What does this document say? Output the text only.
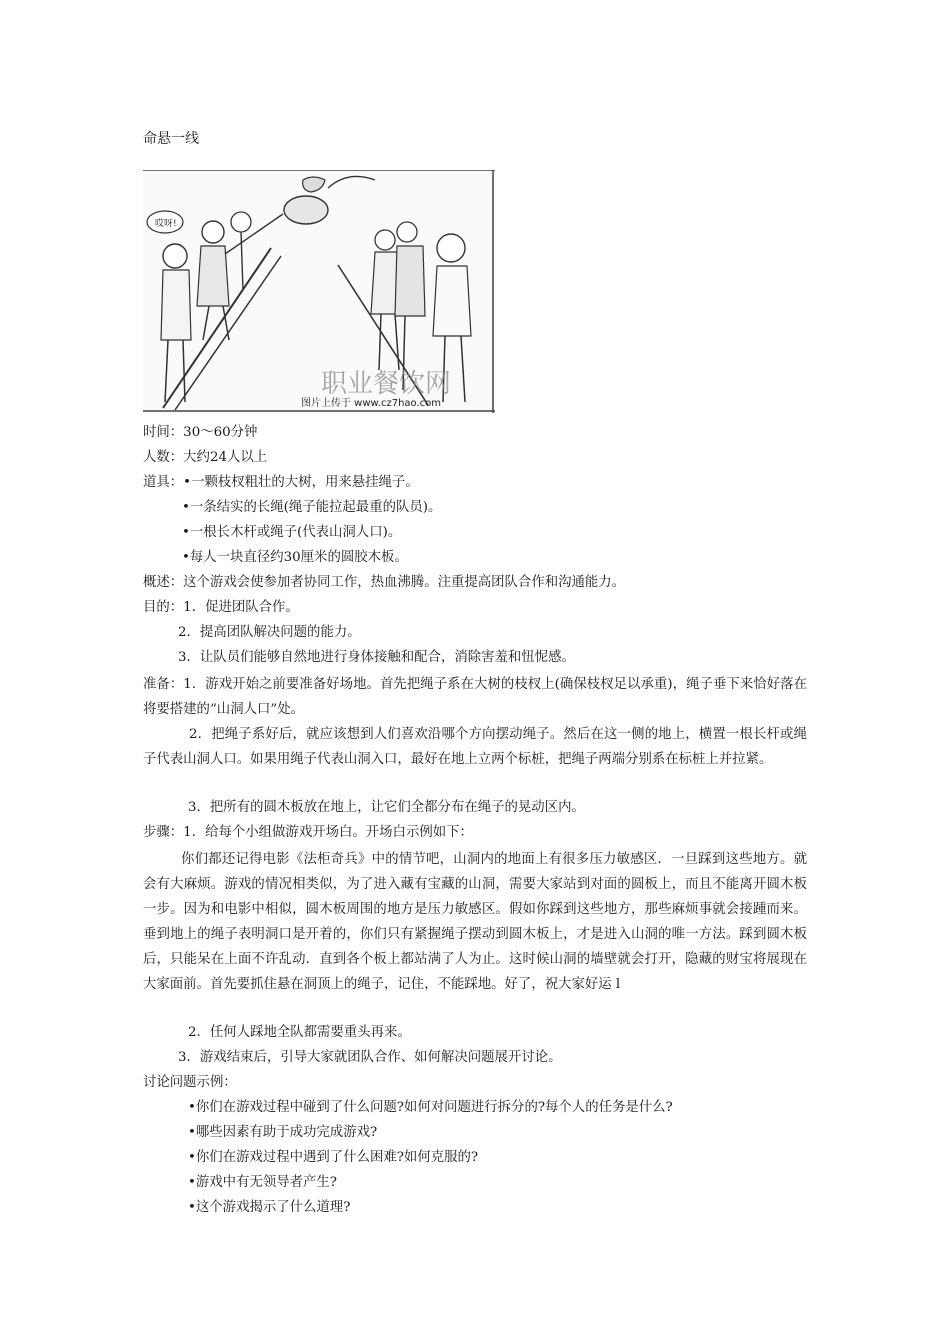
命悬一线
哎呀!
职业餐饮网
图片上传于 www.cz7hao.com
时间：30～60分钟
人数：大约24人以上
道具：•一颗枝杈粗壮的大树，用来悬挂绳子。
•一条结实的长绳(绳子能拉起最重的队员)。
•一根长木杆或绳子(代表山洞人口)。
•每人一块直径约30厘米的圆胶木板。
概述：这个游戏会使参加者协同工作，热血沸腾。注重提高团队合作和沟通能力。
目的：1．促进团队合作。
2．提高团队解决问题的能力。
3．让队员们能够自然地进行身体接触和配合，消除害羞和忸怩感。
准备：1．游戏开始之前要准备好场地。首先把绳子系在大树的枝杈上(确保枝杈足以承重)，绳子垂下来恰好落在将要搭建的“山洞人口”处。
2．把绳子系好后，就应该想到人们喜欢沿哪个方向摆动绳子。然后在这一侧的地上，横置一根长杆或绳子代表山洞人口。如果用绳子代表山洞入口，最好在地上立两个标桩，把绳子两端分别系在标桩上并拉紧。
3．把所有的圆木板放在地上，让它们全都分布在绳子的晃动区内。
步骤：1．给每个小组做游戏开场白。开场白示例如下：
你们都还记得电影《法柜奇兵》中的情节吧，山洞内的地面上有很多压力敏感区．一旦踩到这些地方。就会有大麻烦。游戏的情况相类似，为了进入藏有宝藏的山洞，需要大家站到对面的圆板上，而且不能离开圆木板一步。因为和电影中相似，圆木板周围的地方是压力敏感区。假如你踩到这些地方，那些麻烦事就会接踵而来。垂到地上的绳子表明洞口是开着的，你们只有紧握绳子摆动到圆木板上，才是进入山洞的唯一方法。踩到圆木板后，只能呆在上面不许乱动．直到各个板上都站满了人为止。这时候山洞的墙壁就会打开，隐藏的财宝将展现在大家面前。首先要抓住悬在洞顶上的绳子，记住，不能踩地。好了，祝大家好运 l
2．任何人踩地全队都需要重头再来。
3．游戏结束后，引导大家就团队合作、如何解决问题展开讨论。
讨论问题示例：
•你们在游戏过程中碰到了什么问题?如何对问题进行拆分的?每个人的任务是什么?
•哪些因素有助于成功完成游戏?
•你们在游戏过程中遇到了什么困难?如何克服的?
•游戏中有无领导者产生?
•这个游戏揭示了什么道理?
